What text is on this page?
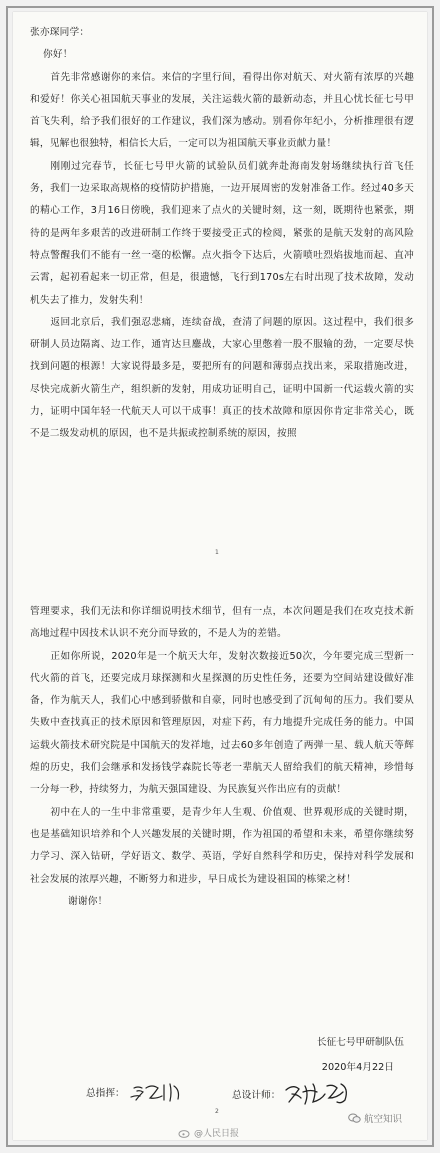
张亦琛同学：
你好！

首先非常感谢你的来信。来信的字里行间，看得出你对航天、对火箭有浓厚的兴趣和爱好！你关心祖国航天事业的发展，关注运载火箭的最新动态，并且心忧长征七号甲首飞失利，给予我们很好的工作建议，我们深为感动。别看你年纪小，分析推理很有逻辑，见解也很独特，相信长大后，一定可以为祖国航天事业贡献力量！

刚刚过完春节，长征七号甲火箭的试验队员们就奔赴海南发射场继续执行首飞任务，我们一边采取高规格的疫情防护措施，一边开展周密的发射准备工作。经过40多天的精心工作，3月16日傍晚，我们迎来了点火的关键时刻，这一刻，既期待也紧张，期待的是两年多艰苦的改进研制工作终于要接受正式的检阅，紧张的是航天发射的高风险特点警醒我们不能有一丝一毫的松懈。点火指令下达后，火箭喷吐烈焰拔地而起、直冲云霄，起初看起来一切正常，但是，很遗憾，飞行到170s左右时出现了技术故障，发动机失去了推力，发射失利！

返回北京后，我们强忍悲痛，连续奋战，查清了问题的原因。这过程中，我们很多研制人员边隔离、边工作，通宵达旦鏖战，大家心里憋着一股不服输的劲，一定要尽快找到问题的根源！大家说得最多是，要把所有的问题和薄弱点找出来，采取措施改进，尽快完成新火箭生产，组织新的发射，用成功证明自己，证明中国新一代运载火箭的实力，证明中国年轻一代航天人可以干成事！真正的技术故障和原因你肯定非常关心，既不是二级发动机的原因，也不是共振或控制系统的原因，按照

1

管理要求，我们无法和你详细说明技术细节，但有一点，本次问题是我们在攻克技术新高地过程中因技术认识不充分而导致的，不是人为的差错。

正如你所说，2020年是一个航天大年，发射次数接近50次，今年要完成三型新一代火箭的首飞，还要完成月球探测和火星探测的历史性任务，还要为空间站建设做好准备，作为航天人，我们心中感到骄傲和自豪，同时也感受到了沉甸甸的压力。我们要从失败中查找真正的技术原因和管理原因，对症下药，有力地提升完成任务的能力。中国运载火箭技术研究院是中国航天的发祥地，过去60多年创造了两弹一星、载人航天等辉煌的历史，我们会继承和发扬钱学森院长等老一辈航天人留给我们的航天精神，珍惜每一分每一秒，持续努力，为航天强国建设、为民族复兴作出应有的贡献！

初中在人的一生中非常重要，是青少年人生观、价值观、世界观形成的关键时期，也是基础知识培养和个人兴趣发展的关键时期，作为祖国的希望和未来，希望你继续努力学习、深入钻研，学好语文、数学、英语，学好自然科学和历史，保持对科学发展和社会发展的浓厚兴趣，不断努力和进步，早日成长为建设祖国的栋梁之材！

谢谢你！
长征七号甲研制队伍
2020年4月22日
总指挥：	总设计师：
2
@人民日报
航空知识
